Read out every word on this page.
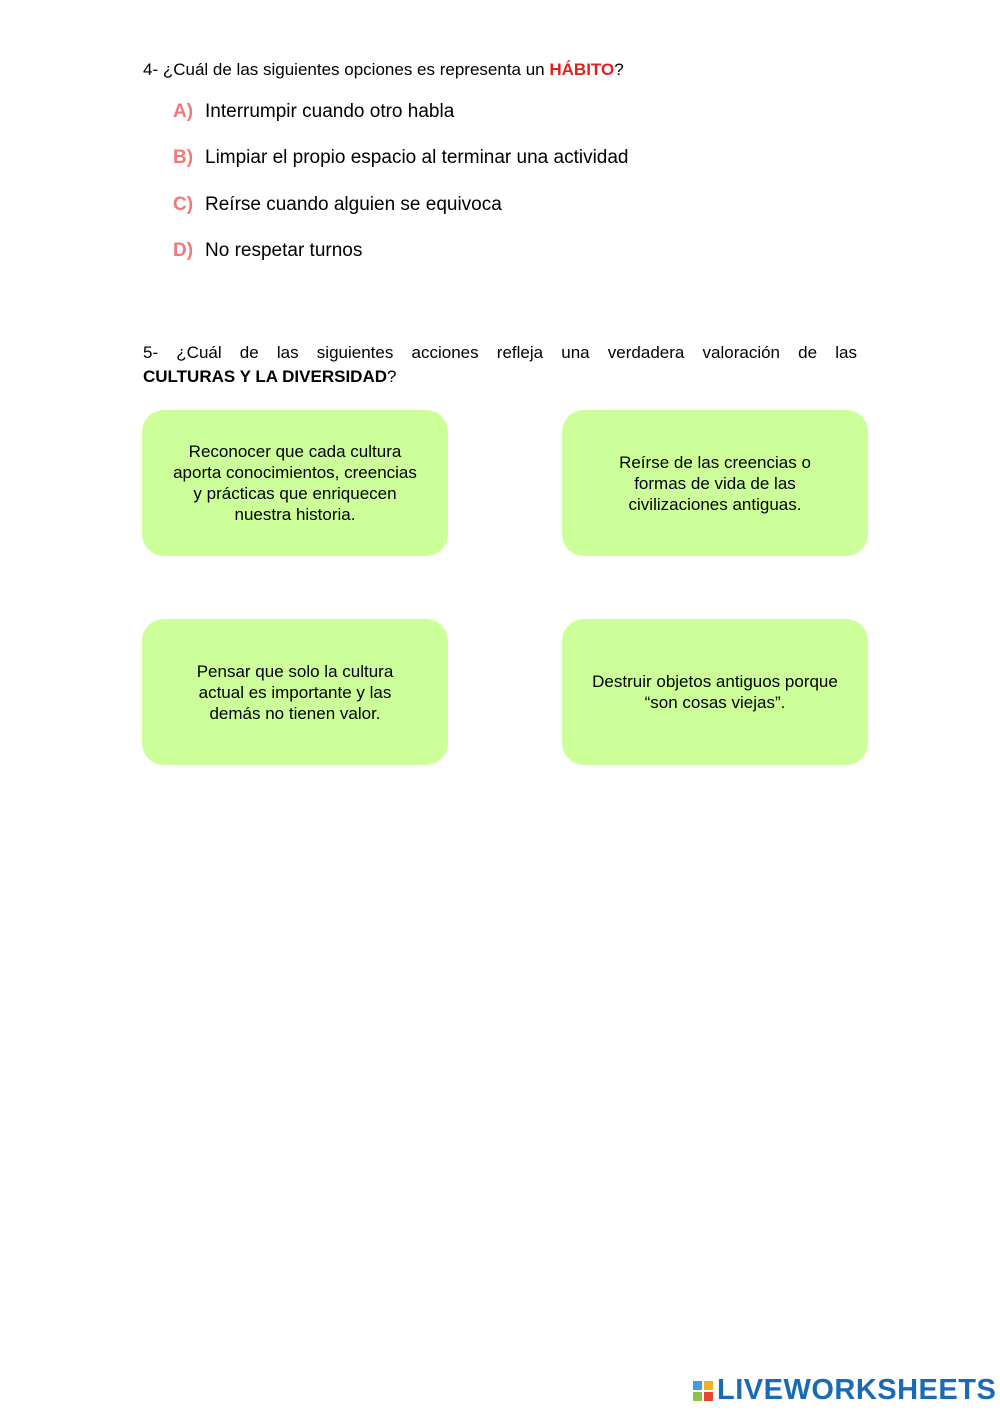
4- ¿Cuál de las siguientes opciones es representa un HÁBITO?
A) Interrumpir cuando otro habla
B) Limpiar el propio espacio al terminar una actividad
C) Reírse cuando alguien se equivoca
D) No respetar turnos
5- ¿Cuál de las siguientes acciones refleja una verdadera valoración de las
CULTURAS Y LA DIVERSIDAD?
Reconocer que cada cultura aporta conocimientos, creencias y prácticas que enriquecen nuestra historia.
Reírse de las creencias o formas de vida de las civilizaciones antiguas.
Pensar que solo la cultura actual es importante y las demás no tienen valor.
Destruir objetos antiguos porque “son cosas viejas”.
LIVEWORKSHEETS
